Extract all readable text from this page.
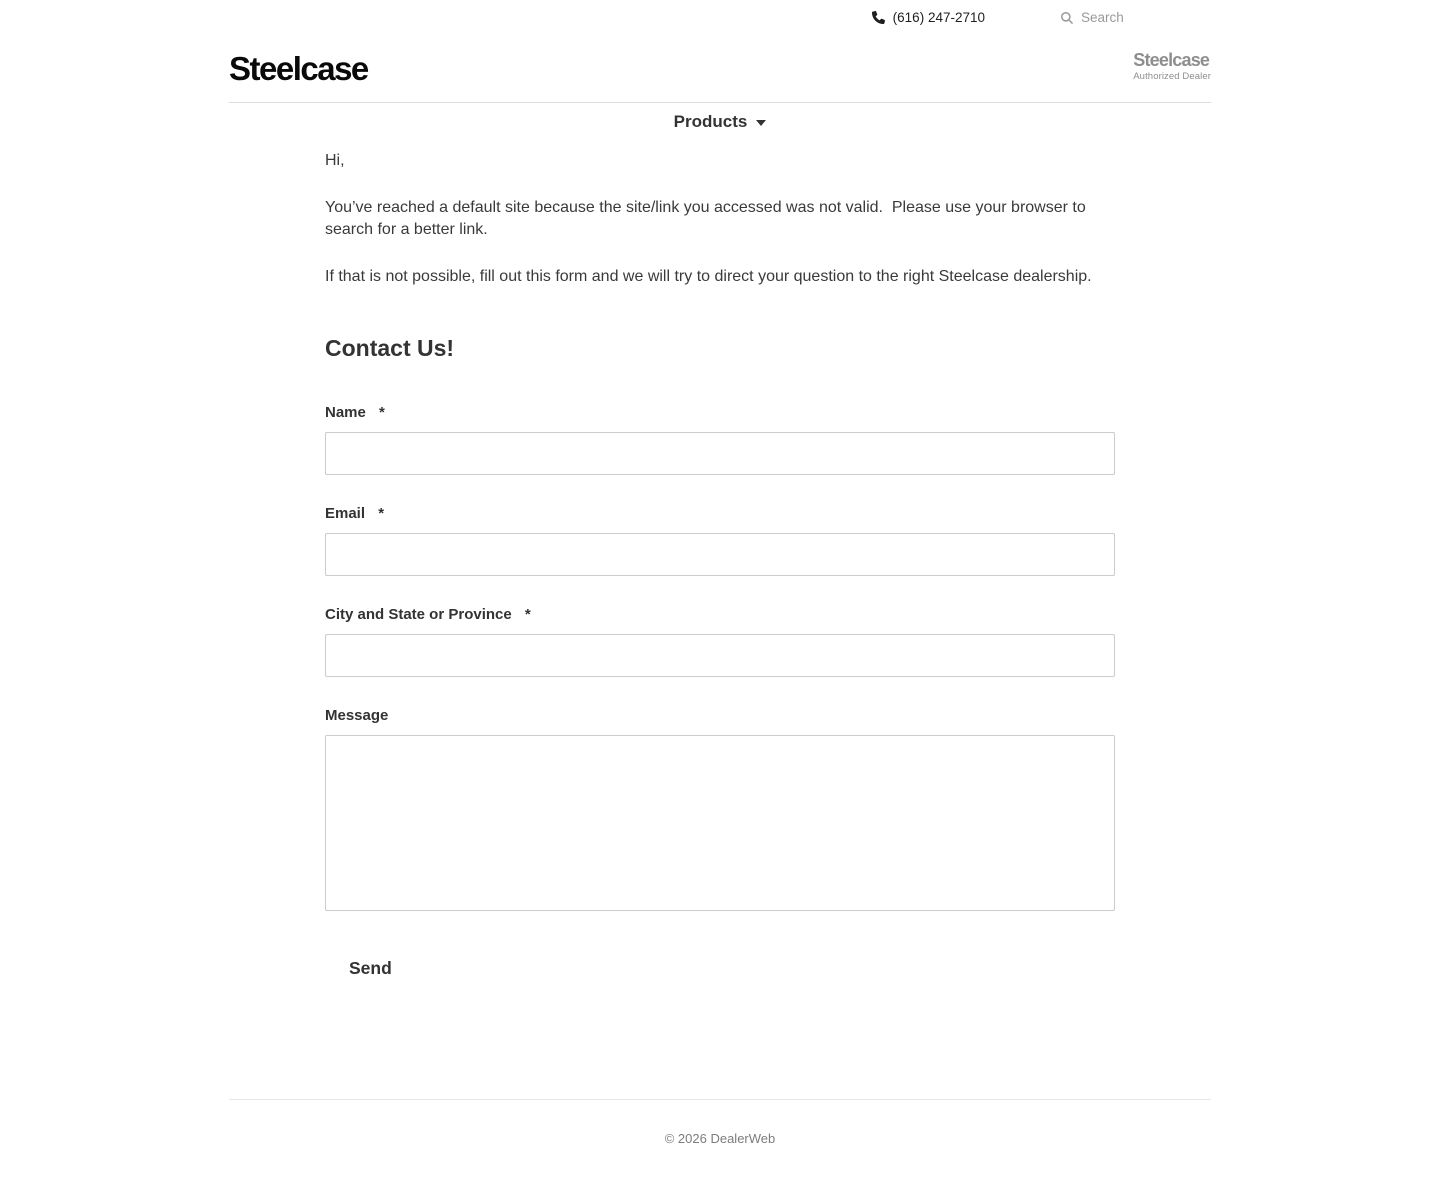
(616) 247-2710
Search
Steelcase	Steelcase
Authorized Dealer
Products

Hi,

You’ve reached a default site because the site/link you accessed was not valid.  Please use your browser to search for a better link.

If that is not possible, fill out this form and we will try to direct your question to the right Steelcase dealership.

Contact Us!
Name *
Email *
City and State or Province *
Message
Send
© 2026 DealerWeb
